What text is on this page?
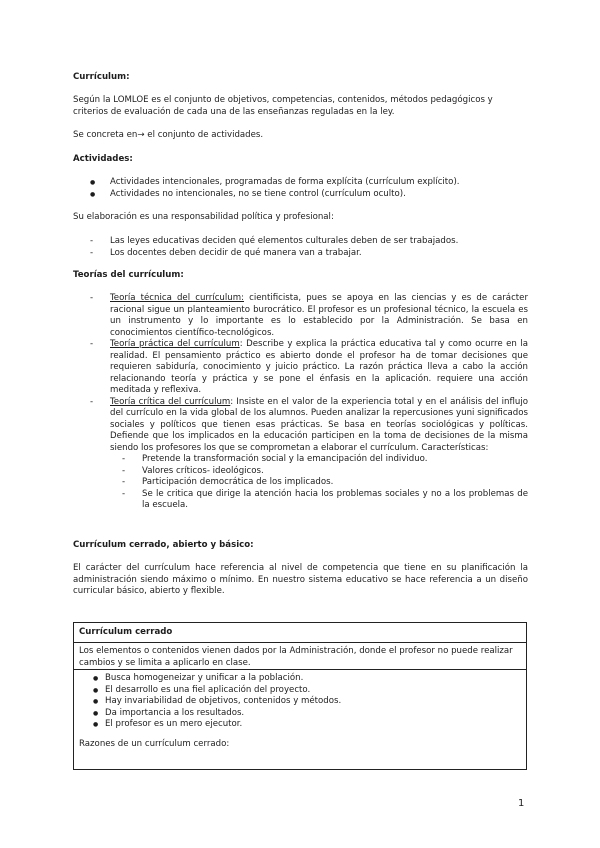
Currículum:

Según la LOMLOE es el conjunto de objetivos, competencias, contenidos, métodos pedagógicos y criterios de evaluación de cada una de las enseñanzas reguladas en la ley.

Se concreta en→ el conjunto de actividades.

Actividades:

● Actividades intencionales, programadas de forma explícita (currículum explícito).
● Actividades no intencionales, no se tiene control (currículum oculto).

Su elaboración es una responsabilidad política y profesional:

- Las leyes educativas deciden qué elementos culturales deben de ser trabajados.
- Los docentes deben decidir de qué manera van a trabajar.

Teorías del currículum:

- Teoría técnica del currículum: cientificista, pues se apoya en las ciencias y es de carácter racional sigue un planteamiento burocrático. El profesor es un profesional técnico, la escuela es un instrumento y lo importante es lo establecido por la Administración. Se basa en conocimientos científico-tecnológicos.
- Teoría práctica del currículum: Describe y explica la práctica educativa tal y como ocurre en la realidad. El pensamiento práctico es abierto donde el profesor ha de tomar decisiones que requieren sabiduría, conocimiento y juicio práctico. La razón práctica lleva a cabo la acción relacionando teoría y práctica y se pone el énfasis en la aplicación. requiere una acción meditada y reflexiva.
- Teoría crítica del currículum: Insiste en el valor de la experiencia total y en el análisis del influjo del currículo en la vida global de los alumnos. Pueden analizar la repercusiones yuni significados sociales y políticos que tienen esas prácticas. Se basa en teorías sociológicas y políticas. Defiende que los implicados en la educación participen en la toma de decisiones de la misma siendo los profesores los que se comprometan a elaborar el currículum. Características:
- Pretende la transformación social y la emancipación del individuo.
- Valores críticos- ideológicos.
- Participación democrática de los implicados.
- Se le critica que dirige la atención hacia los problemas sociales y no a los problemas de la escuela.

Currículum cerrado, abierto y básico:

El carácter del currículum hace referencia al nivel de competencia que tiene en su planificación la administración siendo máximo o mínimo. En nuestro sistema educativo se hace referencia a un diseño curricular básico, abierto y flexible.

Currículum cerrado
Los elementos o contenidos vienen dados por la Administración, donde el profesor no puede realizar cambios y se limita a aplicarlo en clase.
● Busca homogeneizar y unificar a la población.
● El desarrollo es una fiel aplicación del proyecto.
● Hay invariabilidad de objetivos, contenidos y métodos.
● Da importancia a los resultados.
● El profesor es un mero ejecutor.
Razones de un currículum cerrado:
1
